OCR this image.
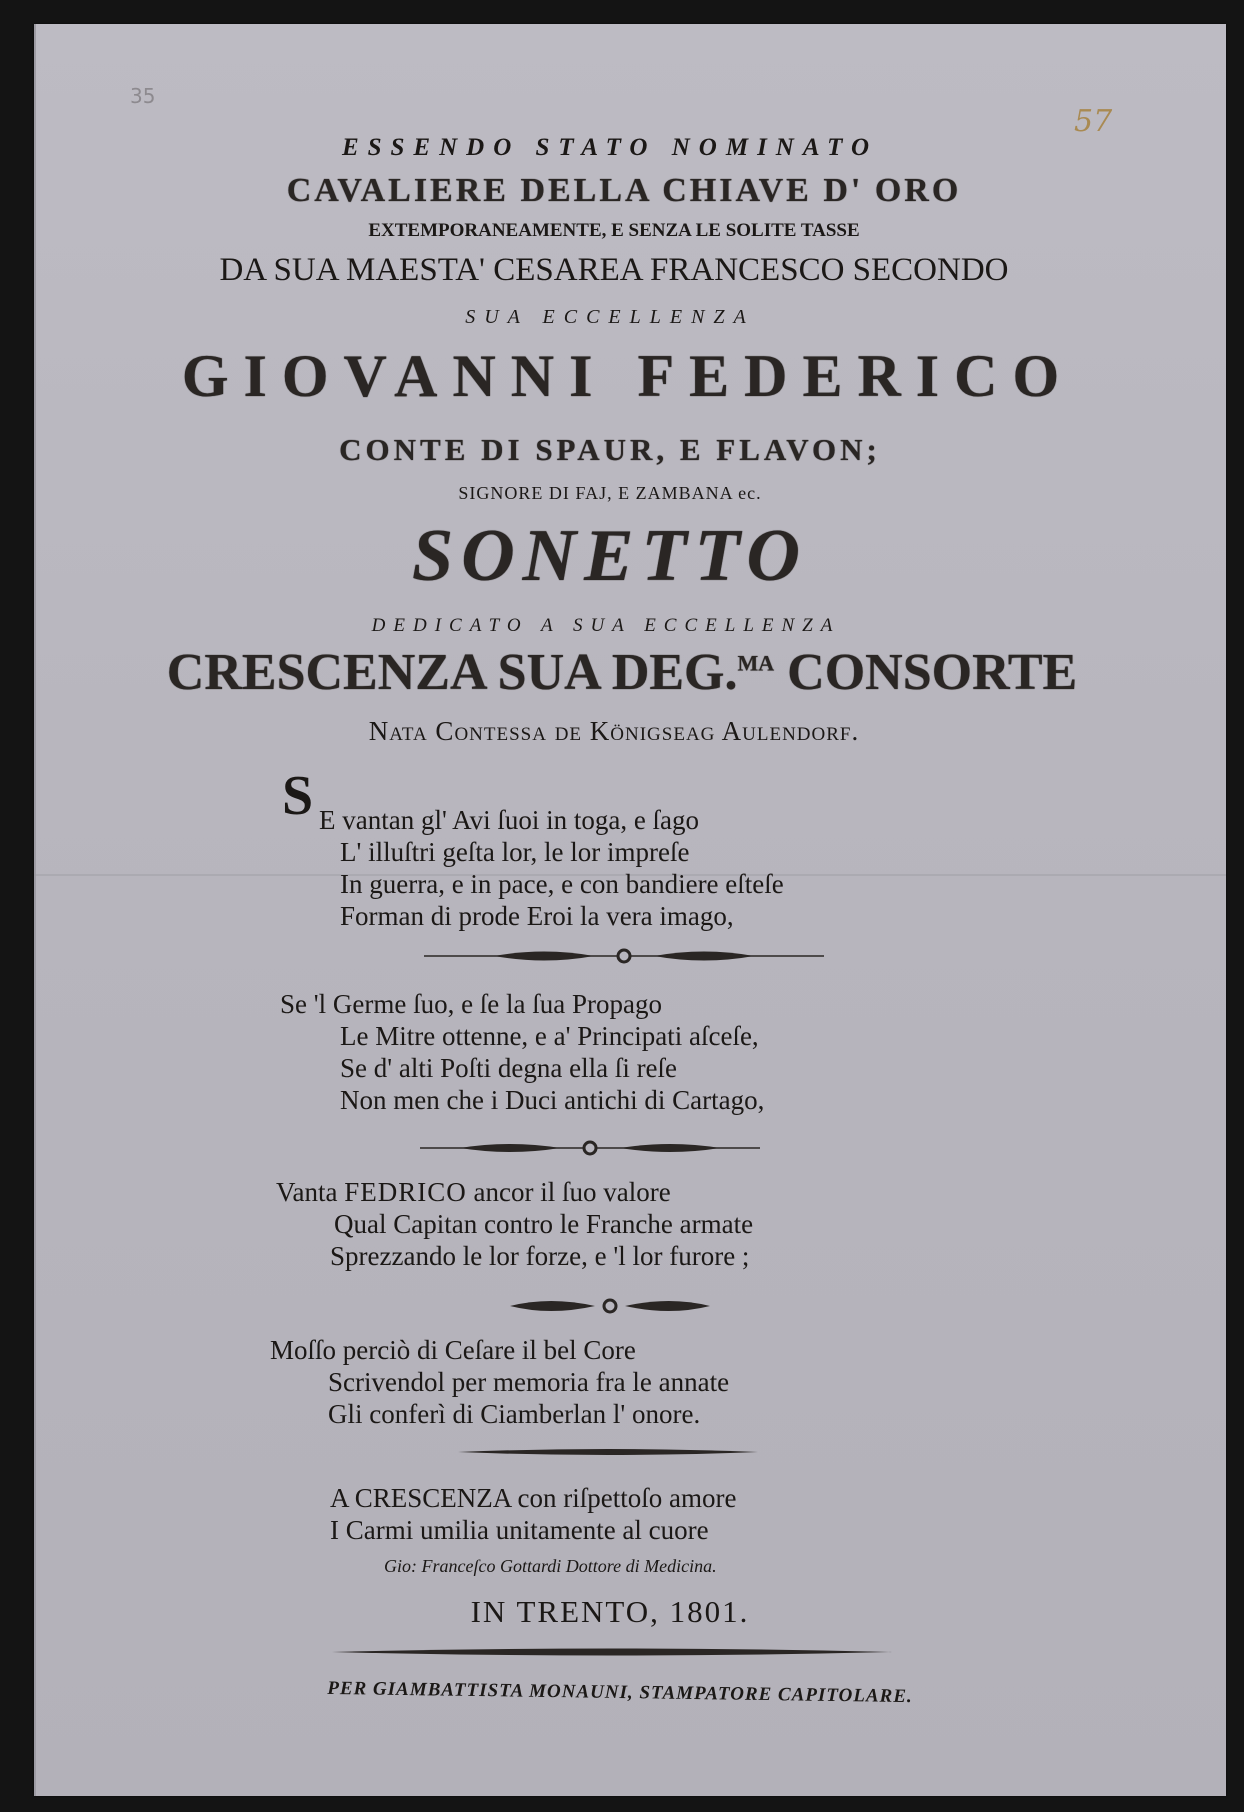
35
57
ESSENDO STATO NOMINATO
CAVALIERE DELLA CHIAVE D' ORO
EXTEMPORANEAMENTE, E SENZA LE SOLITE TASSE
DA SUA MAESTA' CESAREA FRANCESCO SECONDO
SUA ECCELLENZA
GIOVANNI FEDERICO
CONTE DI SPAUR, E FLAVON;
SIGNORE DI FAJ, E ZAMBANA ec.
SONETTO
DEDICATO A SUA ECCELLENZA
CRESCENZA SUA DEG.$^{MA}$ CONSORTE
Nata Contessa de Königseag Aulendorf.
S E vantan gl' Avi ſuoi in toga, e ſago
L' illuſtri geſta lor, le lor impreſe
In guerra, e in pace, e con bandiere eſteſe
Forman di prode Eroi la vera imago,
Se 'l Germe ſuo, e ſe la ſua Propago
Le Mitre ottenne, e a' Principati aſceſe,
Se d' alti Poſti degna ella ſi reſe
Non men che i Duci antichi di Cartago,
Vanta FEDRICO ancor il ſuo valore
Qual Capitan contro le Franche armate
Sprezzando le lor forze, e 'l lor furore ;
Moſſo perciò di Ceſare il bel Core
Scrivendol per memoria fra le annate
Gli conferì di Ciamberlan l' onore.
A CRESCENZA con riſpettoſo amore
I Carmi umilia unitamente al cuore
Gio: Franceſco Gottardi Dottore di Medicina.
IN TRENTO, 1801.
PER GIAMBATTISTA MONAUNI, STAMPATORE CAPITOLARE.
